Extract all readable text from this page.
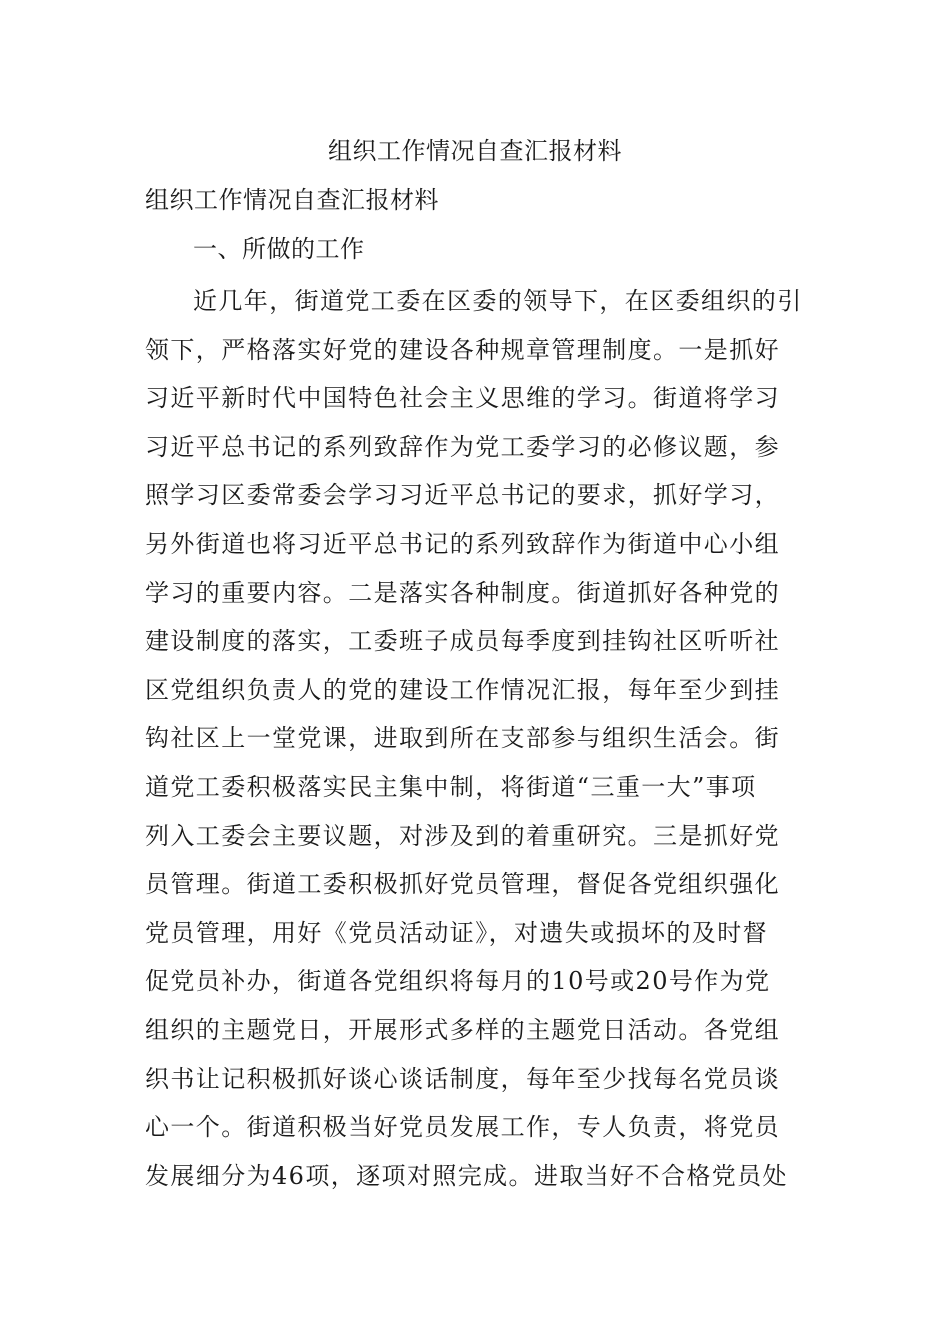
组织工作情况自查汇报材料

组织工作情况自查汇报材料

一、所做的工作

近几年，街道党工委在区委的领导下，在区委组织的引
领下，严格落实好党的建设各种规章管理制度。一是抓好
习近平新时代中国特色社会主义思维的学习。街道将学习
习近平总书记的系列致辞作为党工委学习的必修议题，参
照学习区委常委会学习习近平总书记的要求，抓好学习，
另外街道也将习近平总书记的系列致辞作为街道中心小组
学习的重要内容。二是落实各种制度。街道抓好各种党的
建设制度的落实，工委班子成员每季度到挂钩社区听听社
区党组织负责人的党的建设工作情况汇报，每年至少到挂
钩社区上一堂党课，进取到所在支部参与组织生活会。街
道党工委积极落实民主集中制，将街道“三重一大”事项
列入工委会主要议题，对涉及到的着重研究。三是抓好党
员管理。街道工委积极抓好党员管理，督促各党组织强化
党员管理，用好《党员活动证》，对遗失或损坏的及时督
促党员补办，街道各党组织将每月的10号或20号作为党
组织的主题党日，开展形式多样的主题党日活动。各党组
织书让记积极抓好谈心谈话制度，每年至少找每名党员谈
心一个。街道积极当好党员发展工作，专人负责，将党员
发展细分为46项，逐项对照完成。进取当好不合格党员处
